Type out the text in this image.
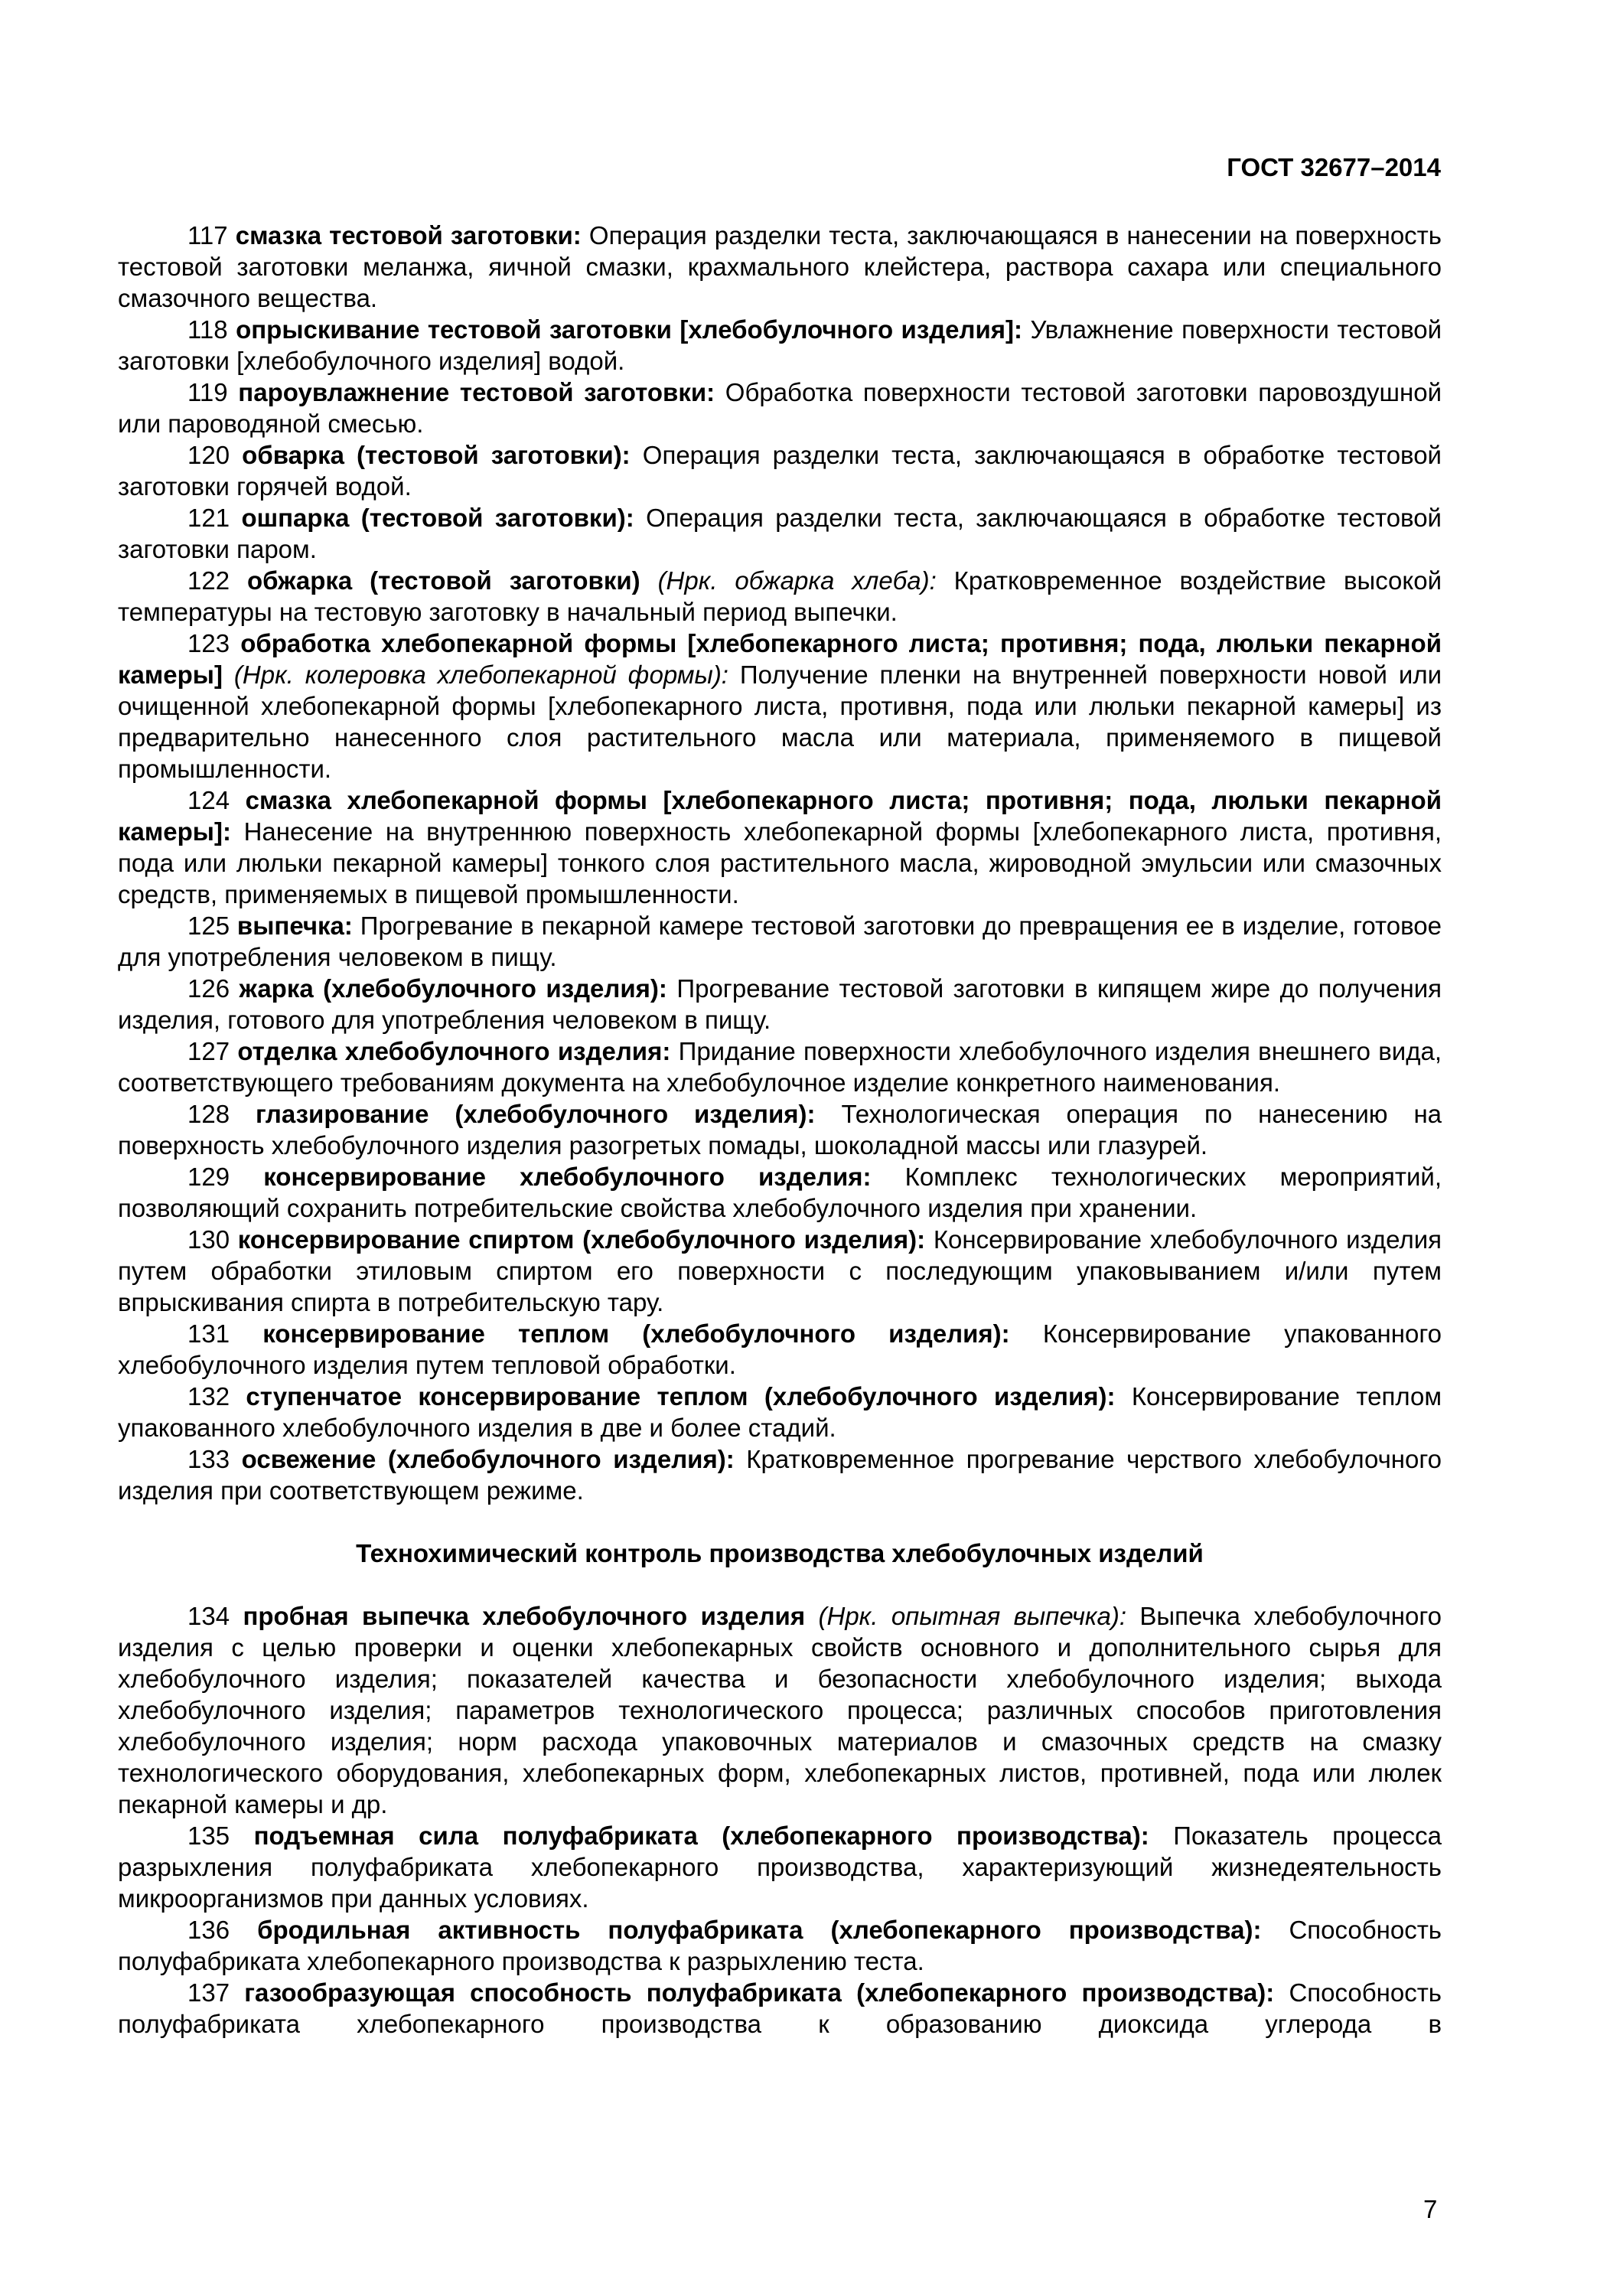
ГОСТ 32677–2014

117 смазка тестовой заготовки: Операция разделки теста, заключающаяся в нанесении на поверхность тестовой заготовки меланжа, яичной смазки, крахмального клейстера, раствора сахара или специального смазочного вещества.

118 опрыскивание тестовой заготовки [хлебобулочного изделия]: Увлажнение поверхности тестовой заготовки [хлебобулочного изделия] водой.

119 пароувлажнение тестовой заготовки: Обработка поверхности тестовой заготовки паровоздушной или пароводяной смесью.

120 обварка (тестовой заготовки): Операция разделки теста, заключающаяся в обработке тестовой заготовки горячей водой.

121 ошпарка (тестовой заготовки): Операция разделки теста, заключающаяся в обработке тестовой заготовки паром.

122 обжарка (тестовой заготовки) (Нрк. обжарка хлеба): Кратковременное воздействие высокой температуры на тестовую заготовку в начальный период выпечки.

123 обработка хлебопекарной формы [хлебопекарного листа; противня; пода, люльки пекарной камеры] (Нрк. колеровка хлебопекарной формы): Получение пленки на внутренней поверхности новой или очищенной хлебопекарной формы [хлебопекарного листа, противня, пода или люльки пекарной камеры] из предварительно нанесенного слоя растительного масла или материала, применяемого в пищевой промышленности.

124 смазка хлебопекарной формы [хлебопекарного листа; противня; пода, люльки пекарной камеры]: Нанесение на внутреннюю поверхность хлебопекарной формы [хлебопекарного листа, противня, пода или люльки пекарной камеры] тонкого слоя растительного масла, жироводной эмульсии или смазочных средств, применяемых в пищевой промышленности.

125 выпечка: Прогревание в пекарной камере тестовой заготовки до превращения ее в изделие, готовое для употребления человеком в пищу.

126 жарка (хлебобулочного изделия): Прогревание тестовой заготовки в кипящем жире до получения изделия, готового для употребления человеком в пищу.

127 отделка хлебобулочного изделия: Придание поверхности хлебобулочного изделия внешнего вида, соответствующего требованиям документа на хлебобулочное изделие конкретного наименования.

128 глазирование (хлебобулочного изделия): Технологическая операция по нанесению на поверхность хлебобулочного изделия разогретых помады, шоколадной массы или глазурей.

129 консервирование хлебобулочного изделия: Комплекс технологических мероприятий, позволяющий сохранить потребительские свойства хлебобулочного изделия при хранении.

130 консервирование спиртом (хлебобулочного изделия): Консервирование хлебобулочного изделия путем обработки этиловым спиртом его поверхности с последующим упаковыванием и/или путем впрыскивания спирта в потребительскую тару.

131 консервирование теплом (хлебобулочного изделия): Консервирование упакованного хлебобулочного изделия путем тепловой обработки.

132 ступенчатое консервирование теплом (хлебобулочного изделия): Консервирование теплом упакованного хлебобулочного изделия в две и более стадий.

133 освежение (хлебобулочного изделия): Кратковременное прогревание черствого хлебобулочного изделия при соответствующем режиме.

Технохимический контроль производства хлебобулочных изделий

134 пробная выпечка хлебобулочного изделия (Нрк. опытная выпечка): Выпечка хлебобулочного изделия с целью проверки и оценки хлебопекарных свойств основного и дополнительного сырья для хлебобулочного изделия; показателей качества и безопасности хлебобулочного изделия; выхода хлебобулочного изделия; параметров технологического процесса; различных способов приготовления хлебобулочного изделия; норм расхода упаковочных материалов и смазочных средств на смазку технологического оборудования, хлебопекарных форм, хлебопекарных листов, противней, пода или люлек пекарной камеры и др.

135 подъемная сила полуфабриката (хлебопекарного производства): Показатель процесса разрыхления полуфабриката хлебопекарного производства, характеризующий жизнедеятельность микроорганизмов при данных условиях.

136 бродильная активность полуфабриката (хлебопекарного производства): Способность полуфабриката хлебопекарного производства к разрыхлению теста.

137 газообразующая способность полуфабриката (хлебопекарного производства): Способность полуфабриката хлебопекарного производства к образованию диоксида углерода в

7
